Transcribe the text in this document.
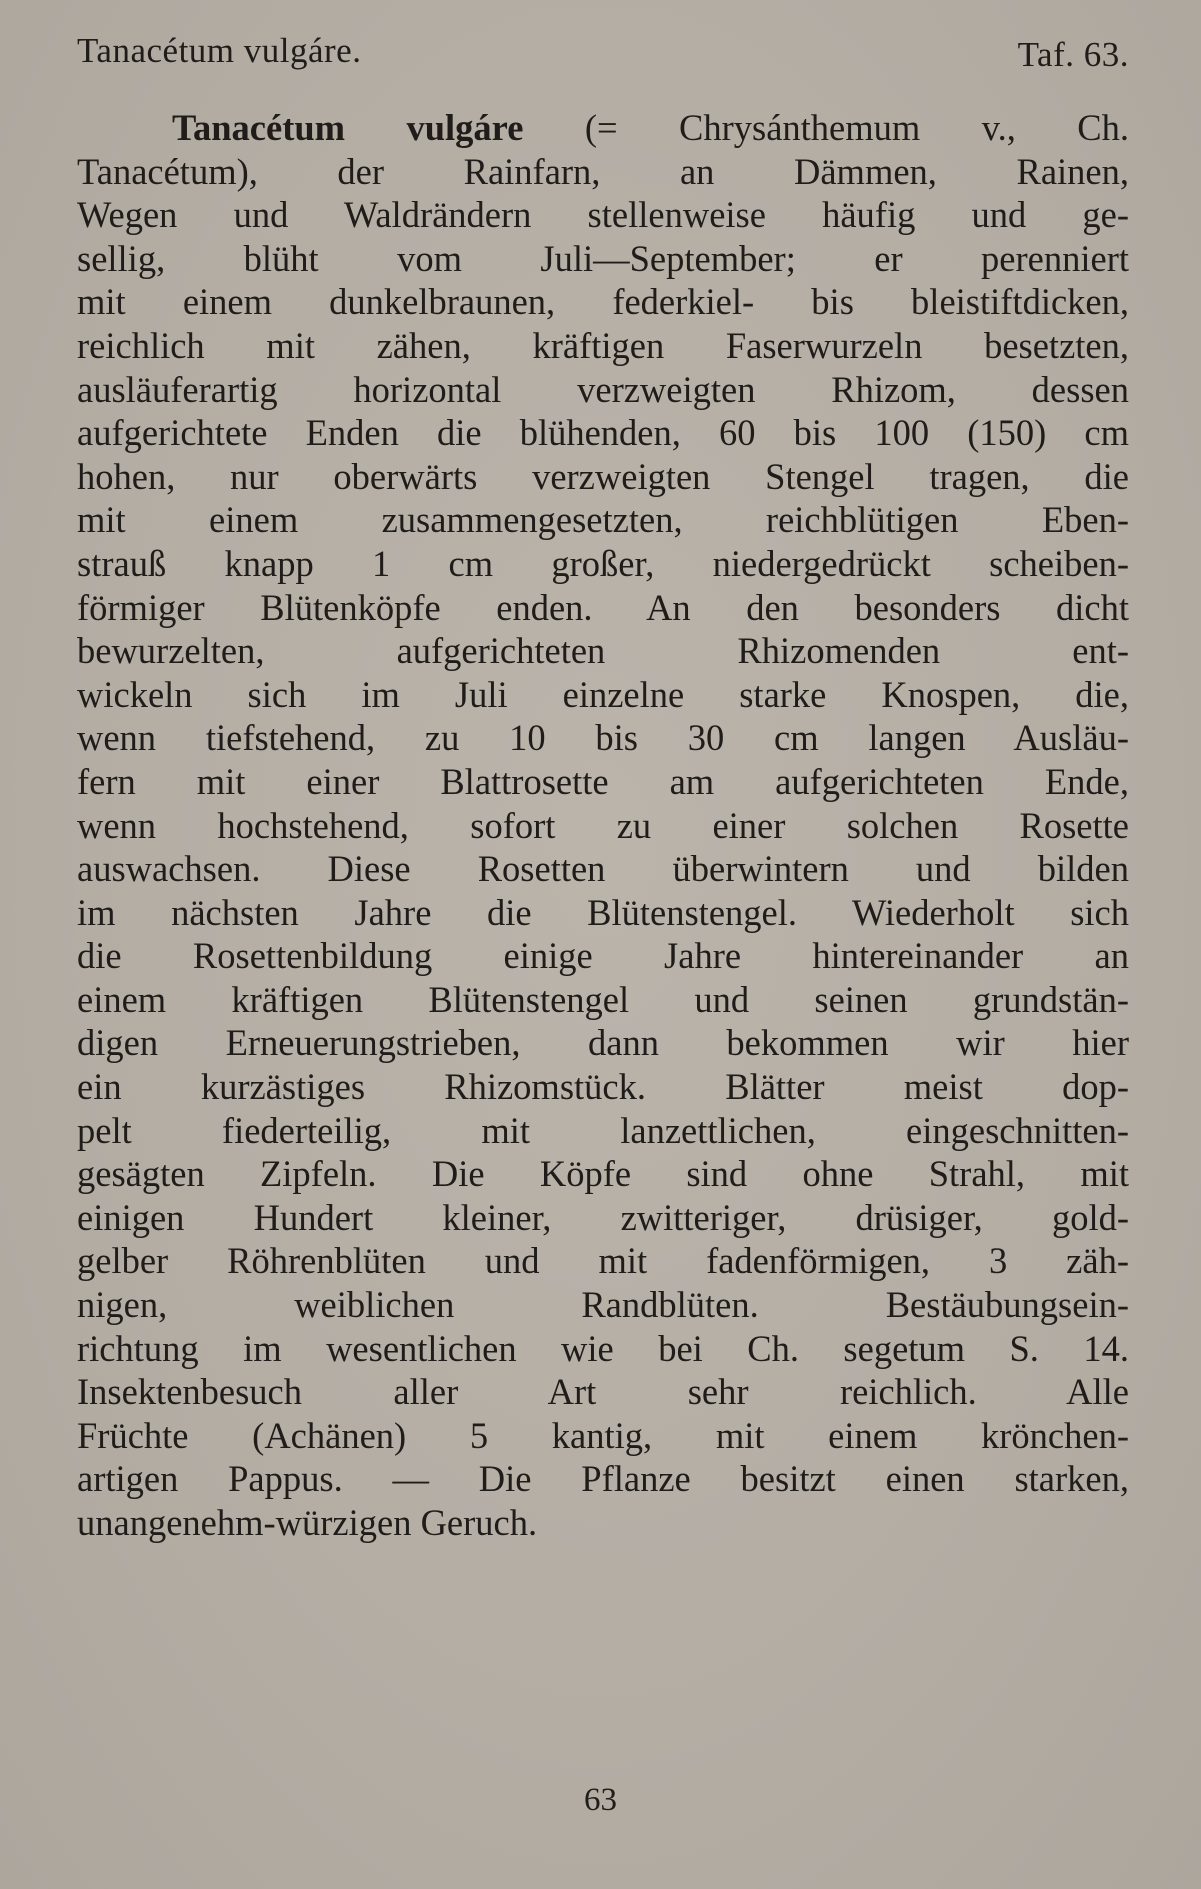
Tanacétum vulgáre.	Taf. 63.
Tanacétum vulgáre (= Chrysánthemum v., Ch.
Tanacétum), der Rainfarn, an Dämmen, Rainen,
Wegen und Waldrändern stellenweise häufig und ge-
sellig, blüht vom Juli—September; er perenniert
mit einem dunkelbraunen, federkiel- bis bleistiftdicken,
reichlich mit zähen, kräftigen Faserwurzeln besetzten,
ausläuferartig horizontal verzweigten Rhizom, dessen
aufgerichtete Enden die blühenden, 60 bis 100 (150) cm
hohen, nur oberwärts verzweigten Stengel tragen, die
mit einem zusammengesetzten, reichblütigen Eben-
strauß knapp 1 cm großer, niedergedrückt scheiben-
förmiger Blütenköpfe enden. An den besonders dicht
bewurzelten, aufgerichteten Rhizomenden ent-
wickeln sich im Juli einzelne starke Knospen, die,
wenn tiefstehend, zu 10 bis 30 cm langen Ausläu-
fern mit einer Blattrosette am aufgerichteten Ende,
wenn hochstehend, sofort zu einer solchen Rosette
auswachsen. Diese Rosetten überwintern und bilden
im nächsten Jahre die Blütenstengel. Wiederholt sich
die Rosettenbildung einige Jahre hintereinander an
einem kräftigen Blütenstengel und seinen grundstän-
digen Erneuerungstrieben, dann bekommen wir hier
ein kurzästiges Rhizomstück. Blätter meist dop-
pelt fiederteilig, mit lanzettlichen, eingeschnitten-
gesägten Zipfeln. Die Köpfe sind ohne Strahl, mit
einigen Hundert kleiner, zwitteriger, drüsiger, gold-
gelber Röhrenblüten und mit fadenförmigen, 3 zäh-
nigen, weiblichen Randblüten. Bestäubungsein-
richtung im wesentlichen wie bei Ch. segetum S. 14.
Insektenbesuch aller Art sehr reichlich. Alle
Früchte (Achänen) 5 kantig, mit einem krönchen-
artigen Pappus. — Die Pflanze besitzt einen starken,
unangenehm-würzigen Geruch.
63
